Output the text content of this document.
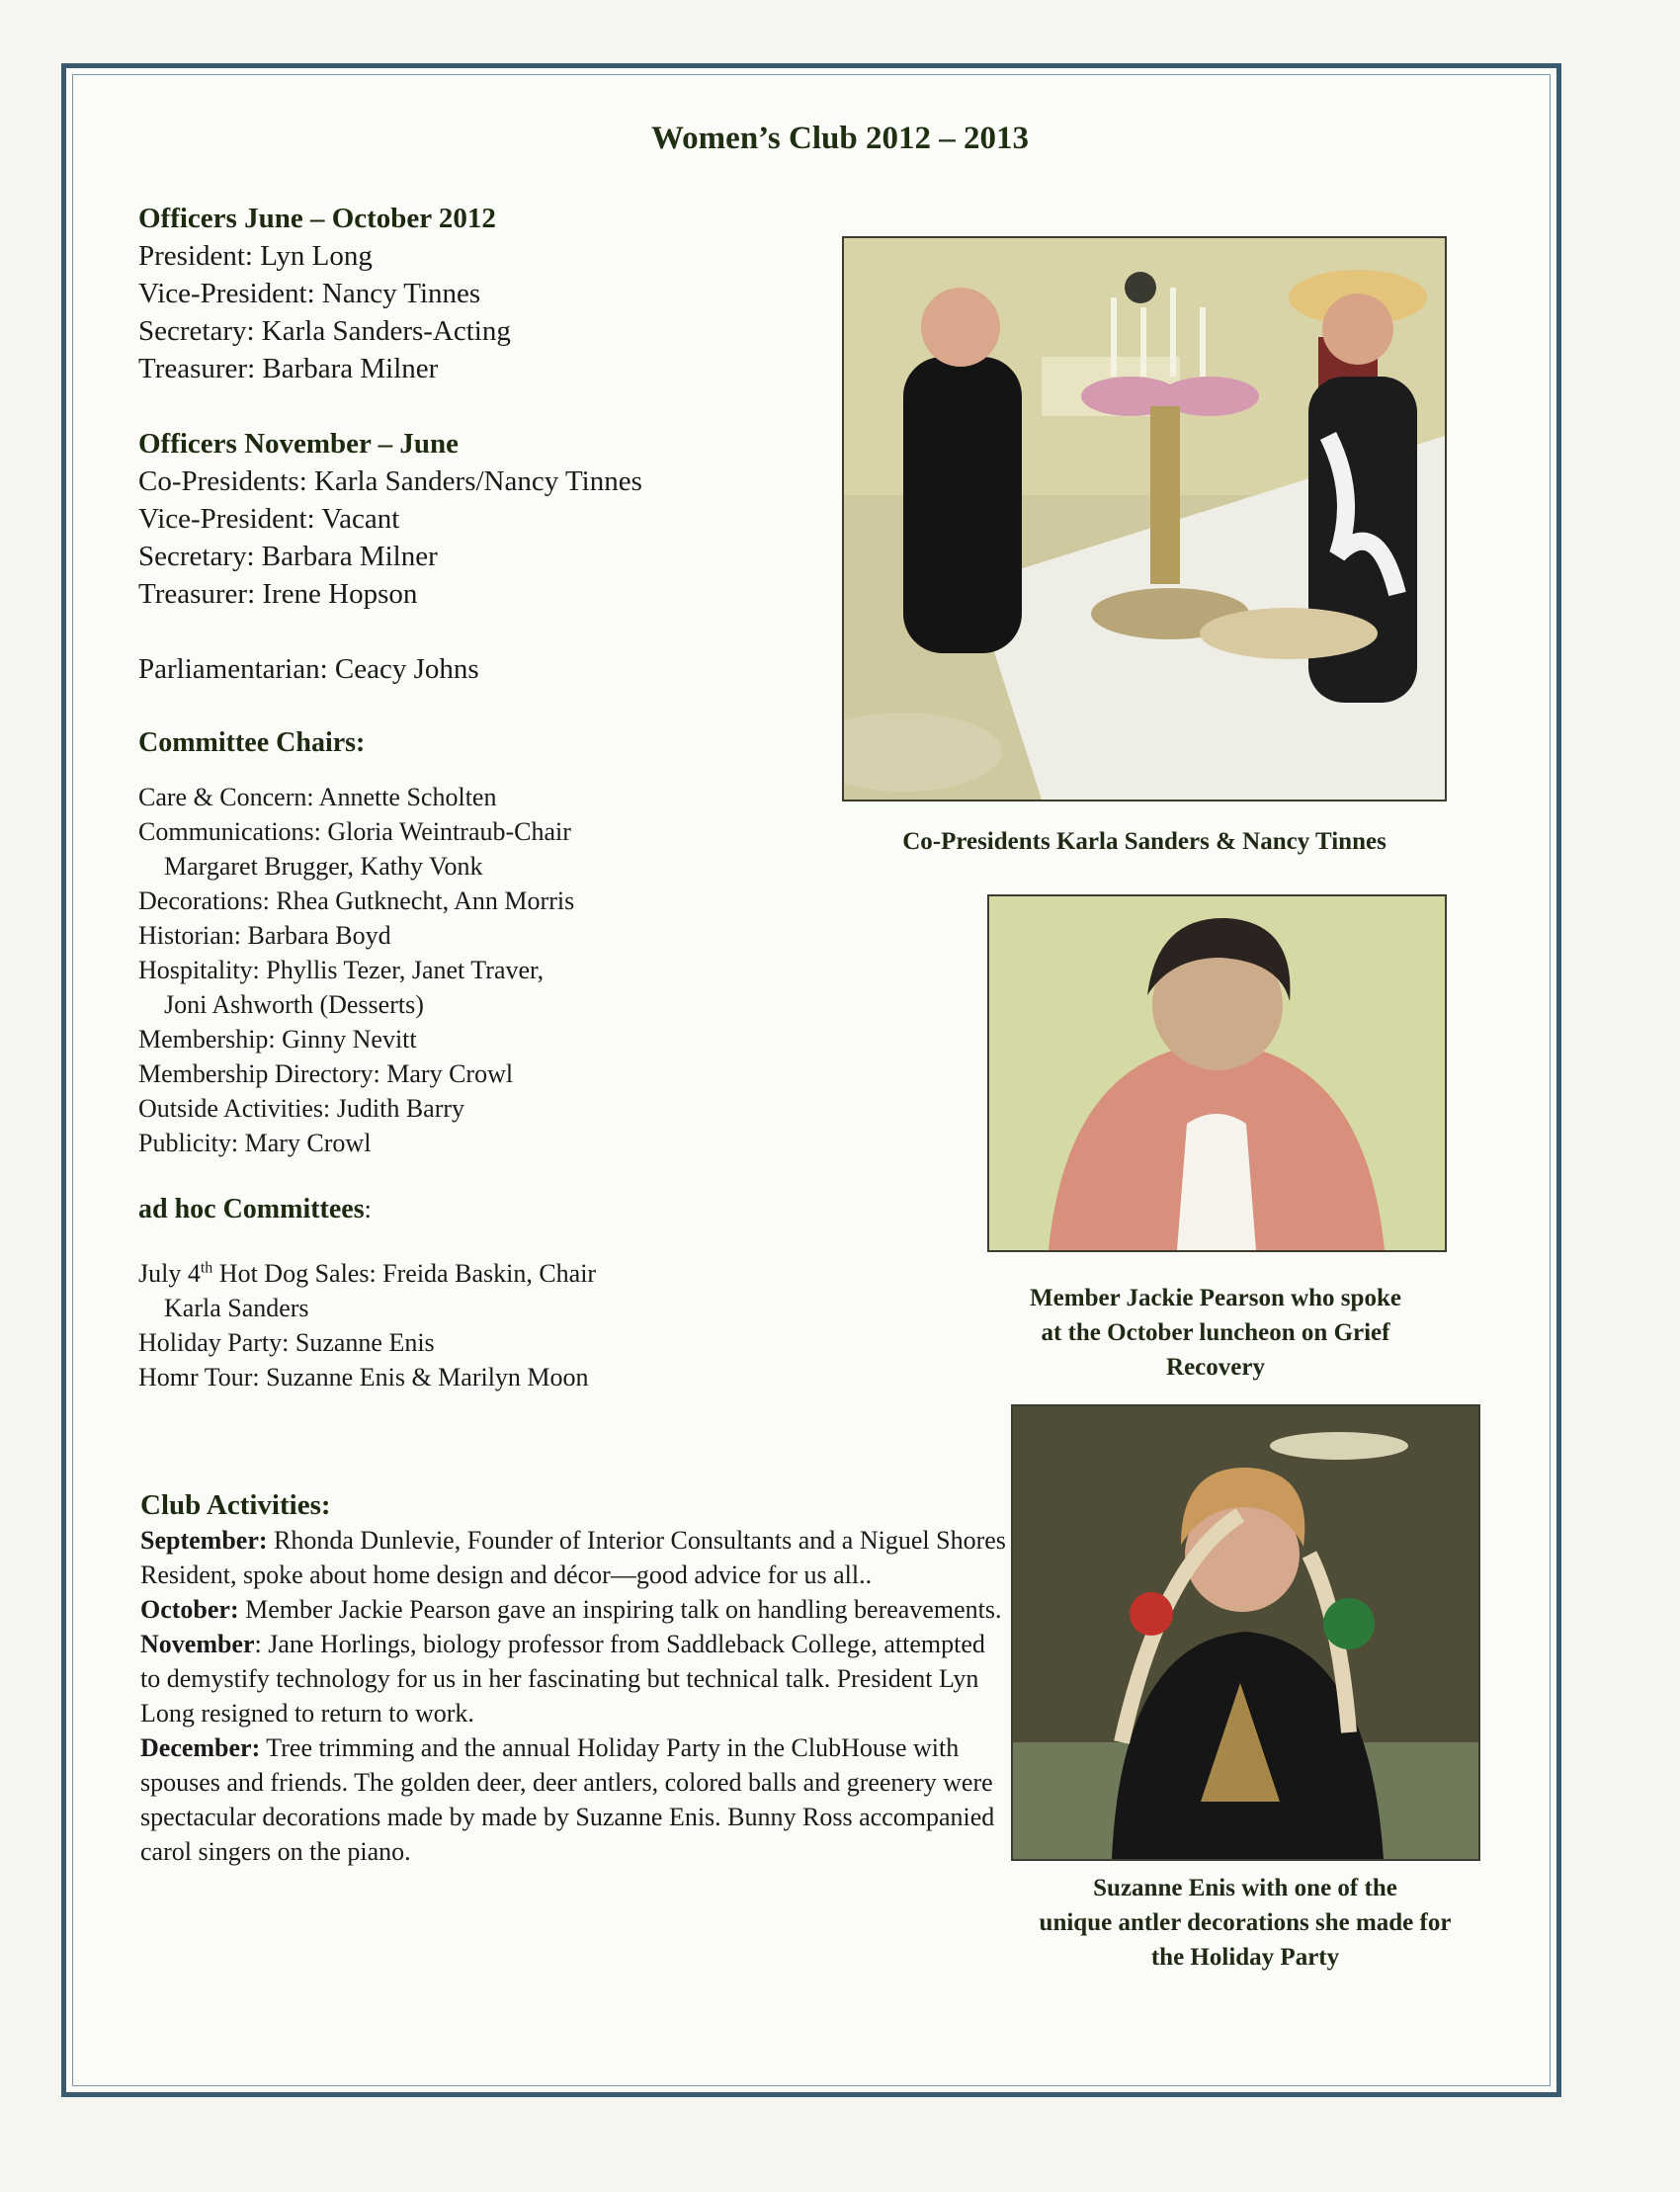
Women’s Club 2012 – 2013
Officers June – October 2012
President: Lyn Long
Vice-President: Nancy Tinnes
Secretary: Karla Sanders-Acting
Treasurer: Barbara Milner
Officers November – June
Co-Presidents: Karla Sanders/Nancy Tinnes
Vice-President: Vacant
Secretary: Barbara Milner
Treasurer: Irene Hopson
Parliamentarian: Ceacy Johns
Committee Chairs:
Care & Concern: Annette Scholten
Communications: Gloria Weintraub-Chair
Margaret Brugger, Kathy Vonk
Decorations: Rhea Gutknecht, Ann Morris
Historian: Barbara Boyd
Hospitality: Phyllis Tezer, Janet Traver,
Joni Ashworth (Desserts)
Membership: Ginny Nevitt
Membership Directory: Mary Crowl
Outside Activities: Judith Barry
Publicity: Mary Crowl
ad hoc Committees:
July 4th Hot Dog Sales: Freida Baskin, Chair
Karla Sanders
Holiday Party: Suzanne Enis
Homr Tour: Suzanne Enis & Marilyn Moon
Club Activities:
September: Rhonda Dunlevie, Founder of Interior Consultants and a Niguel Shores Resident, spoke about home design and décor—good advice for us all..
October: Member Jackie Pearson gave an inspiring talk on handling bereavements.
November: Jane Horlings, biology professor from Saddleback College, attempted to demystify technology for us in her fascinating but technical talk. President Lyn Long resigned to return to work.
December: Tree trimming and the annual Holiday Party in the ClubHouse with spouses and friends. The golden deer, deer antlers, colored balls and greenery were spectacular decorations made by made by Suzanne Enis. Bunny Ross accompanied carol singers on the piano.
Co-Presidents Karla Sanders & Nancy Tinnes
Member Jackie Pearson who spoke
at the October luncheon on Grief
Recovery
Suzanne Enis with one of the
unique antler decorations she made for
the Holiday Party
